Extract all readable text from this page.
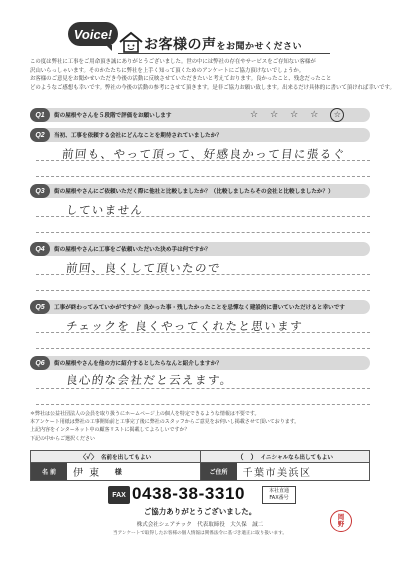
Voice!
お客様の声をお聞かせください

この度は弊社に工事をご用命頂き誠にありがとうございました。世の中には弊社の存在やサービスをご存知ない客様が

沢山いらっしゃいます。そのかたたちに弊社を上手く知って頂くためのアンケートにご協力頂けないでしょうか。

お客様のご意見をお聞かせいただき今後の活動に反映させていただきたいと考えております。良かったこと、残念だったこと

どのようなご感想も幸いです。弊社の今後の活動の参考にさせて頂きます。是非ご協力お願い致します。出来るだけ具体的に書いて頂ければ幸いです。

Q1	街の屋根やさんを５段階で評価をお願いします	☆ ☆ ☆ ☆	☆
Q2	当初、工事を依頼する会社にどんなことを期待されていましたか？
前回も、やって頂って、好感良かって目に張るぐ
Q3	街の屋根やさんにご依頼いただく際に他社と比較しましたか？（比較しましたらその会社と比較しましたか？）
していません
Q4	街の屋根やさんに工事をご依頼いただいた決め手は何ですか？
前回、良くして頂いたので
Q5	工事が終わってみていかがですか？良かった事・残したかったことを忌憚なく建設的に書いていただけると幸いです
チェックを 良くやってくれたと思います
Q6	街の屋根やさんを他の方に紹介するとしたらなんと紹介しますか？
良心的な会社だと云えます。

＊弊社は公益社団法人の会員を取り扱うにホームページ上の個人を特定できるような情報は不要です。

本アンケート用紙は弊社の工事開始前と工事完了後に弊社のスタッフからご意見をお伺いし掲載させて頂いております。

上記内容をインターネット中の顧客リストに掲載してよろしいですか？

下記の中からご選択ください

〈✓〉 名前を出してもよい	（　） イニシャルなら出してもよい
名 前	伊 東 様	ご住所	千葉市美浜区
FAX 0438-38-3310	本社直通
FAX番号
ご協力ありがとうございました。
株式会社シェアテック　代表取締役　大久保　誠二
当アンケートで取得したお客様の個人情報は関係法令に基づき適正に取り扱います。
岡
野
